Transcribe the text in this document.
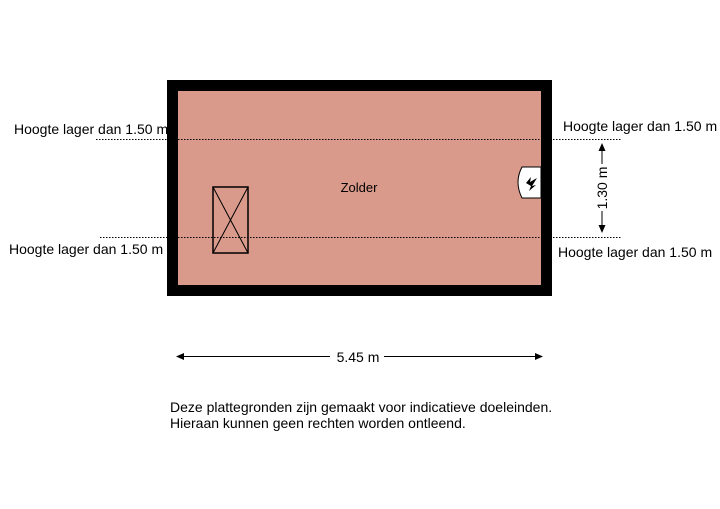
1.30 m
5.45 m
Zolder
Hoogte lager dan 1.50 m	Hoogte lager dan 1.50 m
Hoogte lager dan 1.50 m	Hoogte lager dan 1.50 m
Deze plattegronden zijn gemaakt voor indicatieve doeleinden.
Hieraan kunnen geen rechten worden ontleend.
